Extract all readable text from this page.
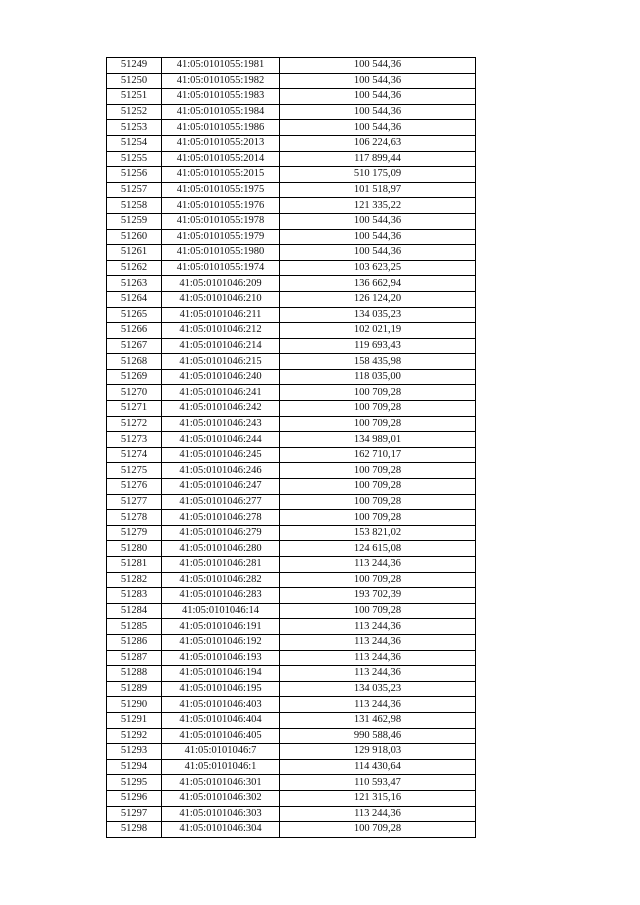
51249	41:05:0101055:1981	100 544,36
51250	41:05:0101055:1982	100 544,36
51251	41:05:0101055:1983	100 544,36
51252	41:05:0101055:1984	100 544,36
51253	41:05:0101055:1986	100 544,36
51254	41:05:0101055:2013	106 224,63
51255	41:05:0101055:2014	117 899,44
51256	41:05:0101055:2015	510 175,09
51257	41:05:0101055:1975	101 518,97
51258	41:05:0101055:1976	121 335,22
51259	41:05:0101055:1978	100 544,36
51260	41:05:0101055:1979	100 544,36
51261	41:05:0101055:1980	100 544,36
51262	41:05:0101055:1974	103 623,25
51263	41:05:0101046:209	136 662,94
51264	41:05:0101046:210	126 124,20
51265	41:05:0101046:211	134 035,23
51266	41:05:0101046:212	102 021,19
51267	41:05:0101046:214	119 693,43
51268	41:05:0101046:215	158 435,98
51269	41:05:0101046:240	118 035,00
51270	41:05:0101046:241	100 709,28
51271	41:05:0101046:242	100 709,28
51272	41:05:0101046:243	100 709,28
51273	41:05:0101046:244	134 989,01
51274	41:05:0101046:245	162 710,17
51275	41:05:0101046:246	100 709,28
51276	41:05:0101046:247	100 709,28
51277	41:05:0101046:277	100 709,28
51278	41:05:0101046:278	100 709,28
51279	41:05:0101046:279	153 821,02
51280	41:05:0101046:280	124 615,08
51281	41:05:0101046:281	113 244,36
51282	41:05:0101046:282	100 709,28
51283	41:05:0101046:283	193 702,39
51284	41:05:0101046:14	100 709,28
51285	41:05:0101046:191	113 244,36
51286	41:05:0101046:192	113 244,36
51287	41:05:0101046:193	113 244,36
51288	41:05:0101046:194	113 244,36
51289	41:05:0101046:195	134 035,23
51290	41:05:0101046:403	113 244,36
51291	41:05:0101046:404	131 462,98
51292	41:05:0101046:405	990 588,46
51293	41:05:0101046:7	129 918,03
51294	41:05:0101046:1	114 430,64
51295	41:05:0101046:301	110 593,47
51296	41:05:0101046:302	121 315,16
51297	41:05:0101046:303	113 244,36
51298	41:05:0101046:304	100 709,28
